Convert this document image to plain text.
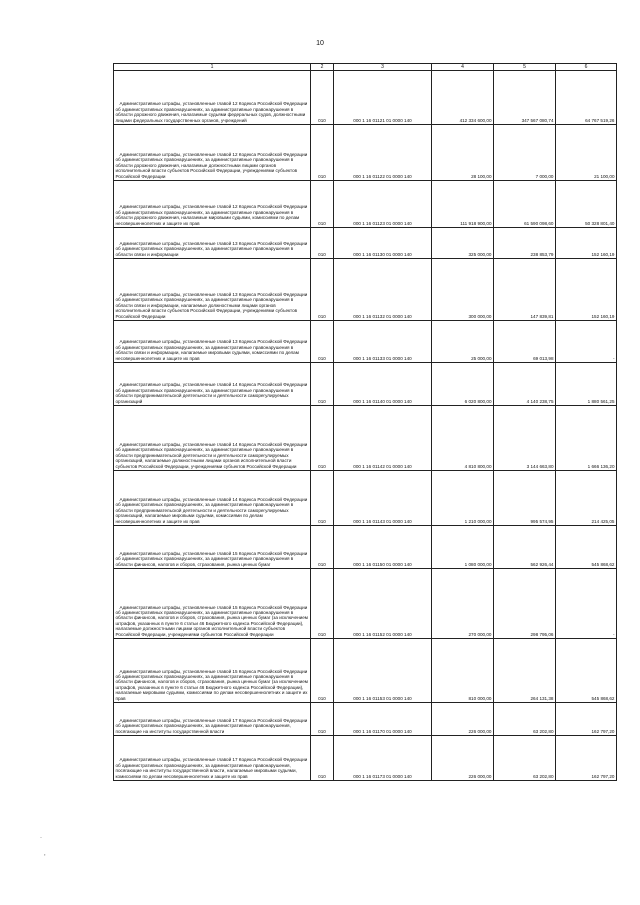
10
1	2	3	4	5	6
Административные штрафы, установленные главой 12 Кодекса Российской Федерации об административных правонарушениях, за административные правонарушения в области дорожного движения, налагаемые судьями федеральных судов, должностными лицами федеральных государственных органов, учреждений	010	000 1 16 01121 01 0000 140	412 334 600,00	347 567 080,74	64 767 519,26
Административные штрафы, установленные главой 12 Кодекса Российской Федерации об административных правонарушениях, за административные правонарушения в области дорожного движения, налагаемые должностными лицами органов исполнительной власти субъектов Российской Федерации, учреждениями субъектов Российской Федерации	010	000 1 16 01122 01 0000 140	28 100,00	7 000,00	21 100,00
Административные штрафы, установленные главой 12 Кодекса Российской Федерации об административных правонарушениях, за административные правонарушения в области дорожного движения, налагаемые мировыми судьями, комиссиями по делам несовершеннолетних и защите их прав	010	000 1 16 01123 01 0000 140	111 918 900,00	61 590 098,60	50 328 801,40
Административные штрафы, установленные главой 13 Кодекса Российской Федерации об административных правонарушениях, за административные правонарушения в области связи и информации	010	000 1 16 01130 01 0000 140	325 000,00	238 853,79	152 160,19
Административные штрафы, установленные главой 13 Кодекса Российской Федерации об административных правонарушениях, за административные правонарушения в области связи и информации, налагаемые должностными лицами органов исполнительной власти субъектов Российской Федерации, учреждениями субъектов Российской Федерации	010	000 1 16 01132 01 0000 140	300 000,00	147 839,81	152 160,19
Административные штрафы, установленные главой 13 Кодекса Российской Федерации об административных правонарушениях, за административные правонарушения в области связи и информации, налагаемые мировыми судьями, комиссиями по делам несовершеннолетних и защите их прав	010	000 1 16 01133 01 0000 140	25 000,00	69 013,98	-
Административные штрафы, установленные главой 14 Кодекса Российской Федерации об административных правонарушениях, за административные правонарушения в области предпринимательской деятельности и деятельности саморегулируемых организаций	010	000 1 16 01140 01 0000 140	6 020 800,00	4 140 238,75	1 880 561,25
Административные штрафы, установленные главой 14 Кодекса Российской Федерации об административных правонарушениях, за административные правонарушения в области предпринимательской деятельности и деятельности саморегулируемых организаций, налагаемые должностными лицами органов исполнительной власти субъектов Российской Федерации, учреждениями субъектов Российской Федерации	010	000 1 16 01142 01 0000 140	4 810 800,00	3 144 663,80	1 666 136,20
Административные штрафы, установленные главой 14 Кодекса Российской Федерации об административных правонарушениях, за административные правонарушения в области предпринимательской деятельности и деятельности саморегулируемых организаций, налагаемые мировыми судьями, комиссиями по делам несовершеннолетних и защите их прав	010	000 1 16 01143 01 0000 140	1 210 000,00	995 574,95	214 425,05
Административные штрафы, установленные главой 15 Кодекса Российской Федерации об административных правонарушениях, за административные правонарушения в области финансов, налогов и сборов, страхования, рынка ценных бумаг	010	000 1 16 01150 01 0000 140	1 080 000,00	562 926,44	545 868,62
Административные штрафы, установленные главой 15 Кодекса Российской Федерации об административных правонарушениях, за административные правонарушения в области финансов, налогов и сборов, страхования, рынка ценных бумаг (за исключением штрафов, указанных в пункте 6 статьи 46 Бюджетного кодекса Российской Федерации), налагаемые должностными лицами органов исполнительной власти субъектов Российской Федерации, учреждениями субъектов Российской Федерации	010	000 1 16 01152 01 0000 140	270 000,00	298 795,06	-
Административные штрафы, установленные главой 15 Кодекса Российской Федерации об административных правонарушениях, за административные правонарушения в области финансов, налогов и сборов, страхования, рынка ценных бумаг (за исключением штрафов, указанных в пункте 6 статьи 46 Бюджетного кодекса Российской Федерации), налагаемые мировыми судьями, комиссиями по делам несовершеннолетних и защите их прав	010	000 1 16 01153 01 0000 140	810 000,00	264 131,38	545 868,62
Административные штрафы, установленные главой 17 Кодекса Российской Федерации об административных правонарушениях, за административные правонарушения, посягающие на институты государственной власти	010	000 1 16 01170 01 0000 140	226 000,00	63 202,80	162 797,20
Административные штрафы, установленные главой 17 Кодекса Российской Федерации об административных правонарушениях, за административные правонарушения, посягающие на институты государственной власти, налагаемые мировыми судьями, комиссиями по делам несовершеннолетних и защите их прав	010	000 1 16 01173 01 0000 140	226 000,00	63 202,80	162 797,20
·
,
